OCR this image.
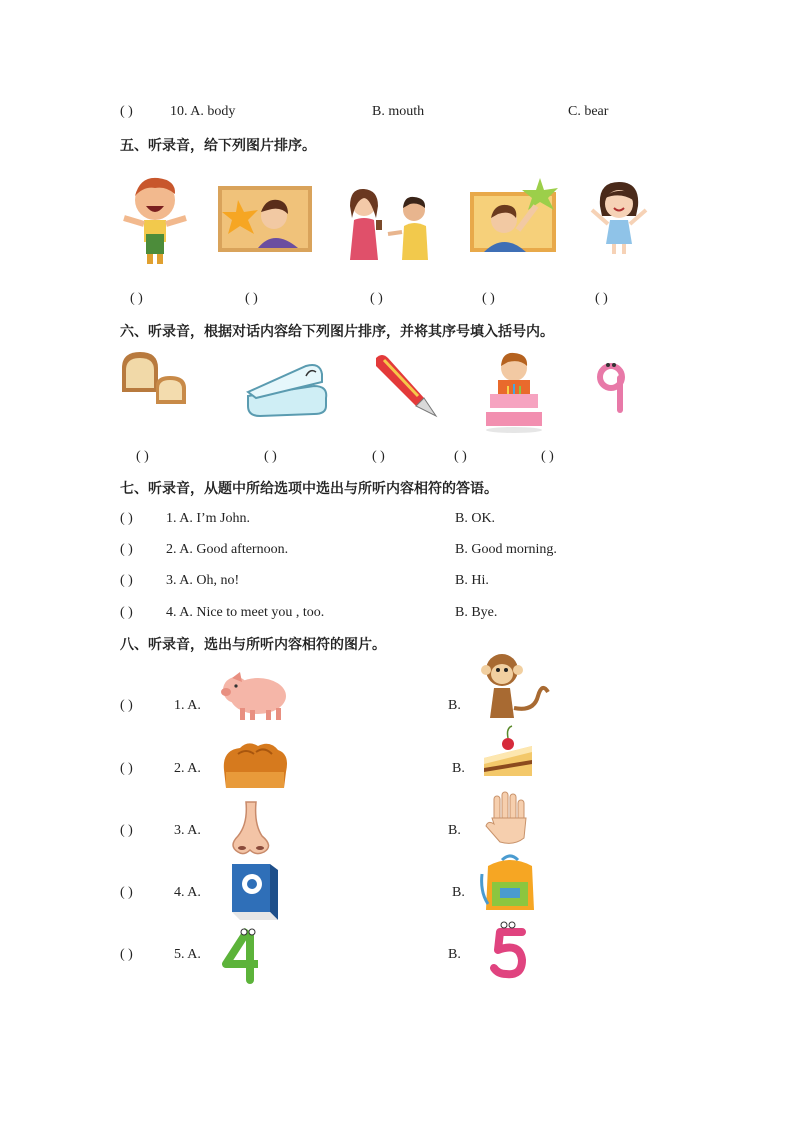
( )	10. A. body	B. mouth	C. bear
五、听录音，给下列图片排序。
( )	( )	( )	( )	( )
六、听录音，根据对话内容给下列图片排序，并将其序号填入括号内。
( )	( )	( )	( )	( )
七、听录音，从题中所给选项中选出与所听内容相符的答语。
( ) 1. A. I’m John.	B. OK.
( ) 2. A. Good afternoon.	B. Good morning.
( ) 3. A. Oh, no!	B. Hi.
( ) 4. A. Nice to meet you , too.	B. Bye.
八、听录音，选出与所听内容相符的图片。
( )	1. A.	B.
( )	2. A.	B.
( )	3. A.	B.
( )	4. A.	B.
( )	5. A.	B.
